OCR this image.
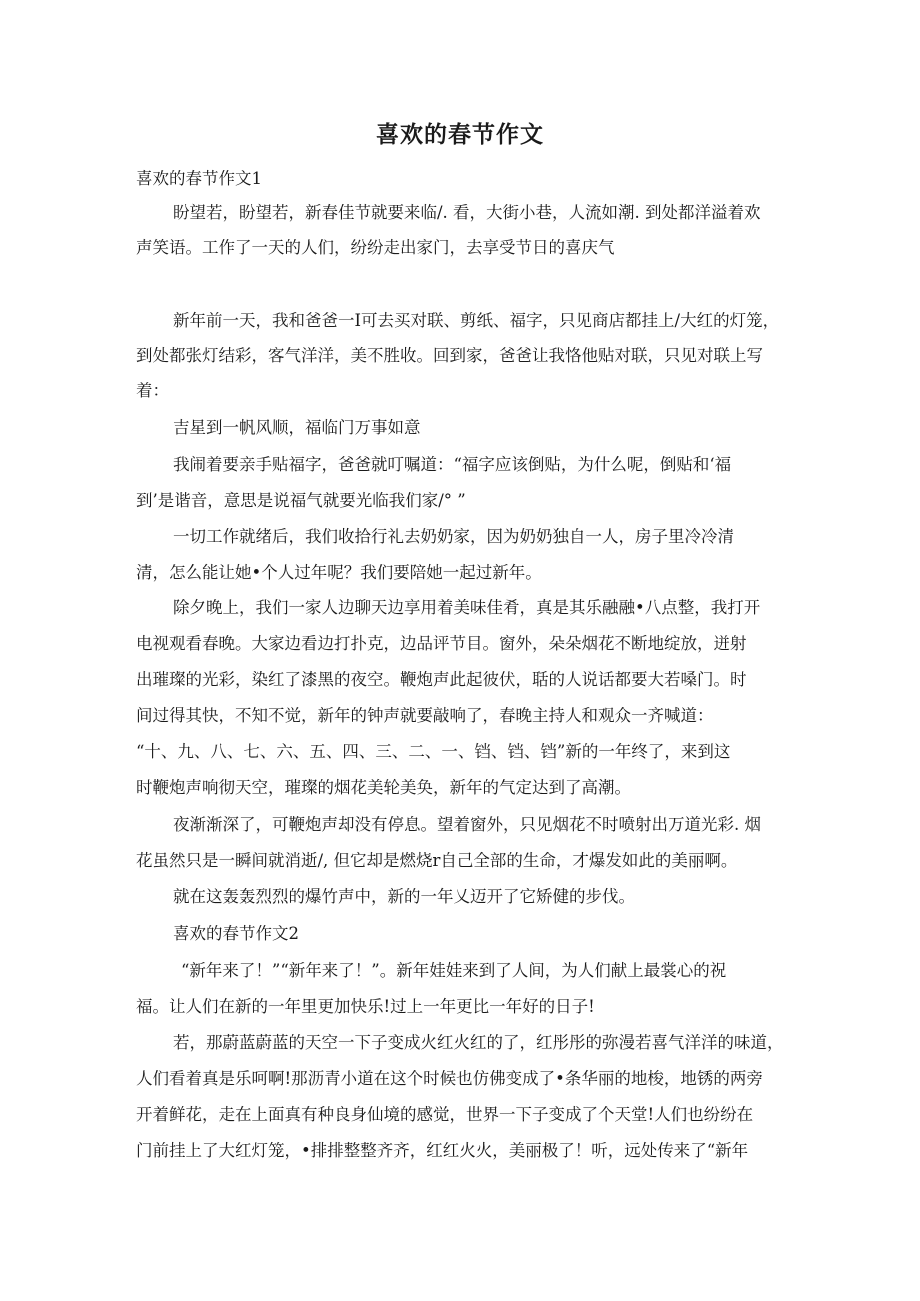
喜欢的春节作文
喜欢的春节作文1
盼望若，盼望若，新春佳节就要来临/. 看，大街小巷，人流如潮. 到处都洋溢着欢
声笑语。工作了一天的人们，纷纷走出家门，去享受节日的喜庆气
新年前一天，我和爸爸一I可去买对联、剪纸、福字，只见商店都挂上/大红的灯笼，
到处都张灯结彩，客气洋洋，美不胜收。回到家，爸爸让我恪他贴对联，只见对联上写
着：
吉星到一帆风顺，福临门万事如意
我闹着要亲手贴福字，爸爸就叮嘱道：“福字应该倒贴，为什么呢，倒贴和‘福
到’是谐音，意思是说福气就要光临我们家/° ”
一切工作就绪后，我们收拾行礼去奶奶家，因为奶奶独自一人，房子里冷冷清
清，怎么能让她•个人过年呢？我们要陪她一起过新年。
除夕晚上，我们一家人边聊天边享用着美味佳肴，真是其乐融融•八点整，我打开
电视观看春晚。大家边看边打扑克，边品评节目。窗外，朵朵烟花不断地绽放，迸射
出璀璨的光彩，染红了漆黑的夜空。鞭炮声此起彼伏，聒的人说话都要大若嗓门。时
间过得其快，不知不觉，新年的钟声就要敲响了，春晚主持人和观众一齐喊道：
“十、九、八、七、六、五、四、三、二、一、铛、铛、铛”新的一年终了，来到这
时鞭炮声响彻天空，璀璨的烟花美轮美奂，新年的气定达到了高潮。
夜渐渐深了，可鞭炮声却没有停息。望着窗外，只见烟花不时喷射出万道光彩. 烟
花虽然只是一瞬间就消逝/, 但它却是燃烧r自己全部的生命，才爆发如此的美丽啊。
就在这轰轰烈烈的爆竹声中，新的一年乂迈开了它矫健的步伐。
喜欢的春节作文2
“新年来了！”“新年来了！”。新年娃娃来到了人间，为人们献上最裳心的祝
福。让人们在新的一年里更加快乐!过上一年更比一年好的日子!
若，那蔚蓝蔚蓝的天空一下子变成火红火红的了，红彤彤的弥漫若喜气洋洋的味道，
人们看着真是乐呵啊!那沥青小道在这个时候也仿佛变成了•条华丽的地梭，地锈的两旁
开着鲜花，走在上面真有种良身仙境的感觉，世界一下子变成了个天堂!人们也纷纷在
门前挂上了大红灯笼，•排排整整齐齐，红红火火，美丽极了！听，远处传来了“新年
